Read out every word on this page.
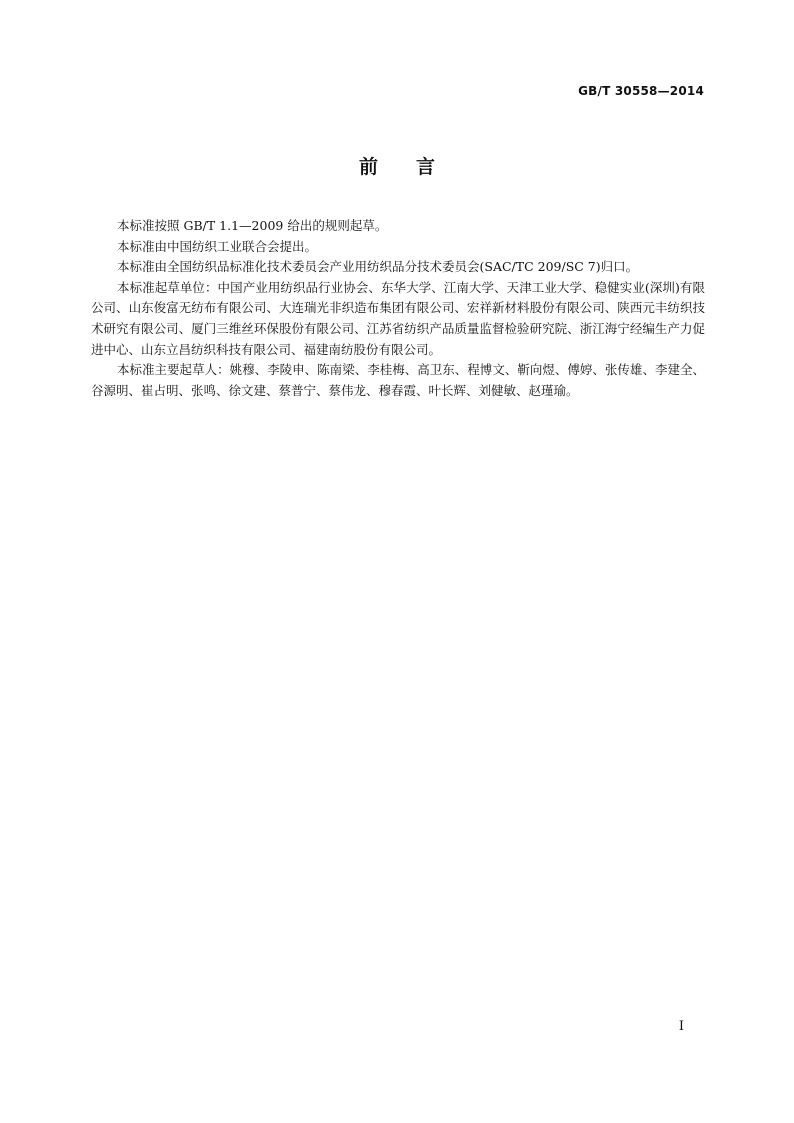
GB/T 30558—2014
前言

本标准按照 GB/T 1.1—2009 给出的规则起草。

本标准由中国纺织工业联合会提出。

本标准由全国纺织品标准化技术委员会产业用纺织品分技术委员会(SAC/TC 209/SC 7)归口。

本标准起草单位：中国产业用纺织品行业协会、东华大学、江南大学、天津工业大学、稳健实业(深圳)有限公司、山东俊富无纺布有限公司、大连瑞光非织造布集团有限公司、宏祥新材料股份有限公司、陕西元丰纺织技术研究有限公司、厦门三维丝环保股份有限公司、江苏省纺织产品质量监督检验研究院、浙江海宁经编生产力促进中心、山东立昌纺织科技有限公司、福建南纺股份有限公司。

本标准主要起草人：姚穆、李陵申、陈南梁、李桂梅、高卫东、程博文、靳向煜、傅婷、张传雄、李建全、谷源明、崔占明、张鸣、徐文建、蔡普宁、蔡伟龙、穆春霞、叶长辉、刘健敏、赵瑾瑜。

I
